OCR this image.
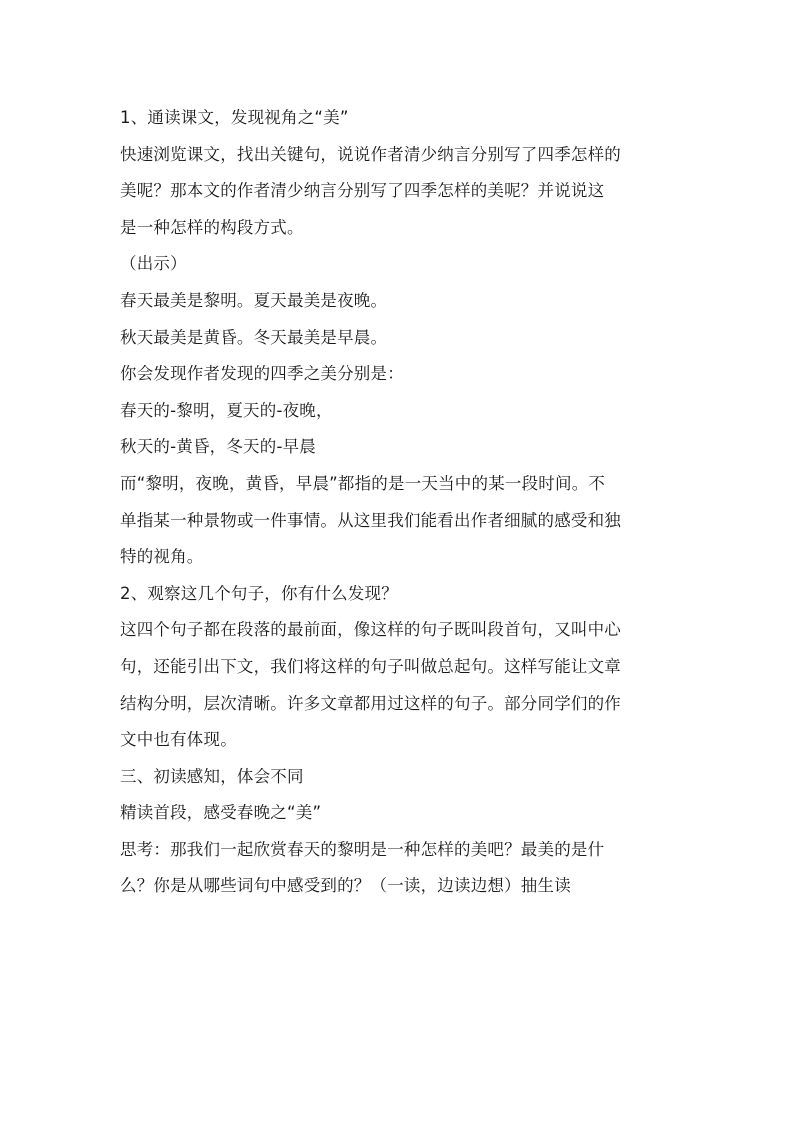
1、通读课文，发现视角之“美”
快速浏览课文，找出关键句，说说作者清少纳言分别写了四季怎样的
美呢？那本文的作者清少纳言分别写了四季怎样的美呢？并说说这
是一种怎样的构段方式。
（出示）
春天最美是黎明。夏天最美是夜晚。
秋天最美是黄昏。冬天最美是早晨。
你会发现作者发现的四季之美分别是：
春天的-黎明，夏天的-夜晚，
秋天的-黄昏，冬天的-早晨
而“黎明，夜晚，黄昏，早晨”都指的是一天当中的某一段时间。不
单指某一种景物或一件事情。从这里我们能看出作者细腻的感受和独
特的视角。
2、观察这几个句子，你有什么发现？
这四个句子都在段落的最前面，像这样的句子既叫段首句，又叫中心
句，还能引出下文，我们将这样的句子叫做总起句。这样写能让文章
结构分明，层次清晰。许多文章都用过这样的句子。部分同学们的作
文中也有体现。
三、初读感知，体会不同
精读首段，感受春晚之“美”
思考：那我们一起欣赏春天的黎明是一种怎样的美吧？最美的是什
么？你是从哪些词句中感受到的？（一读，边读边想）抽生读
